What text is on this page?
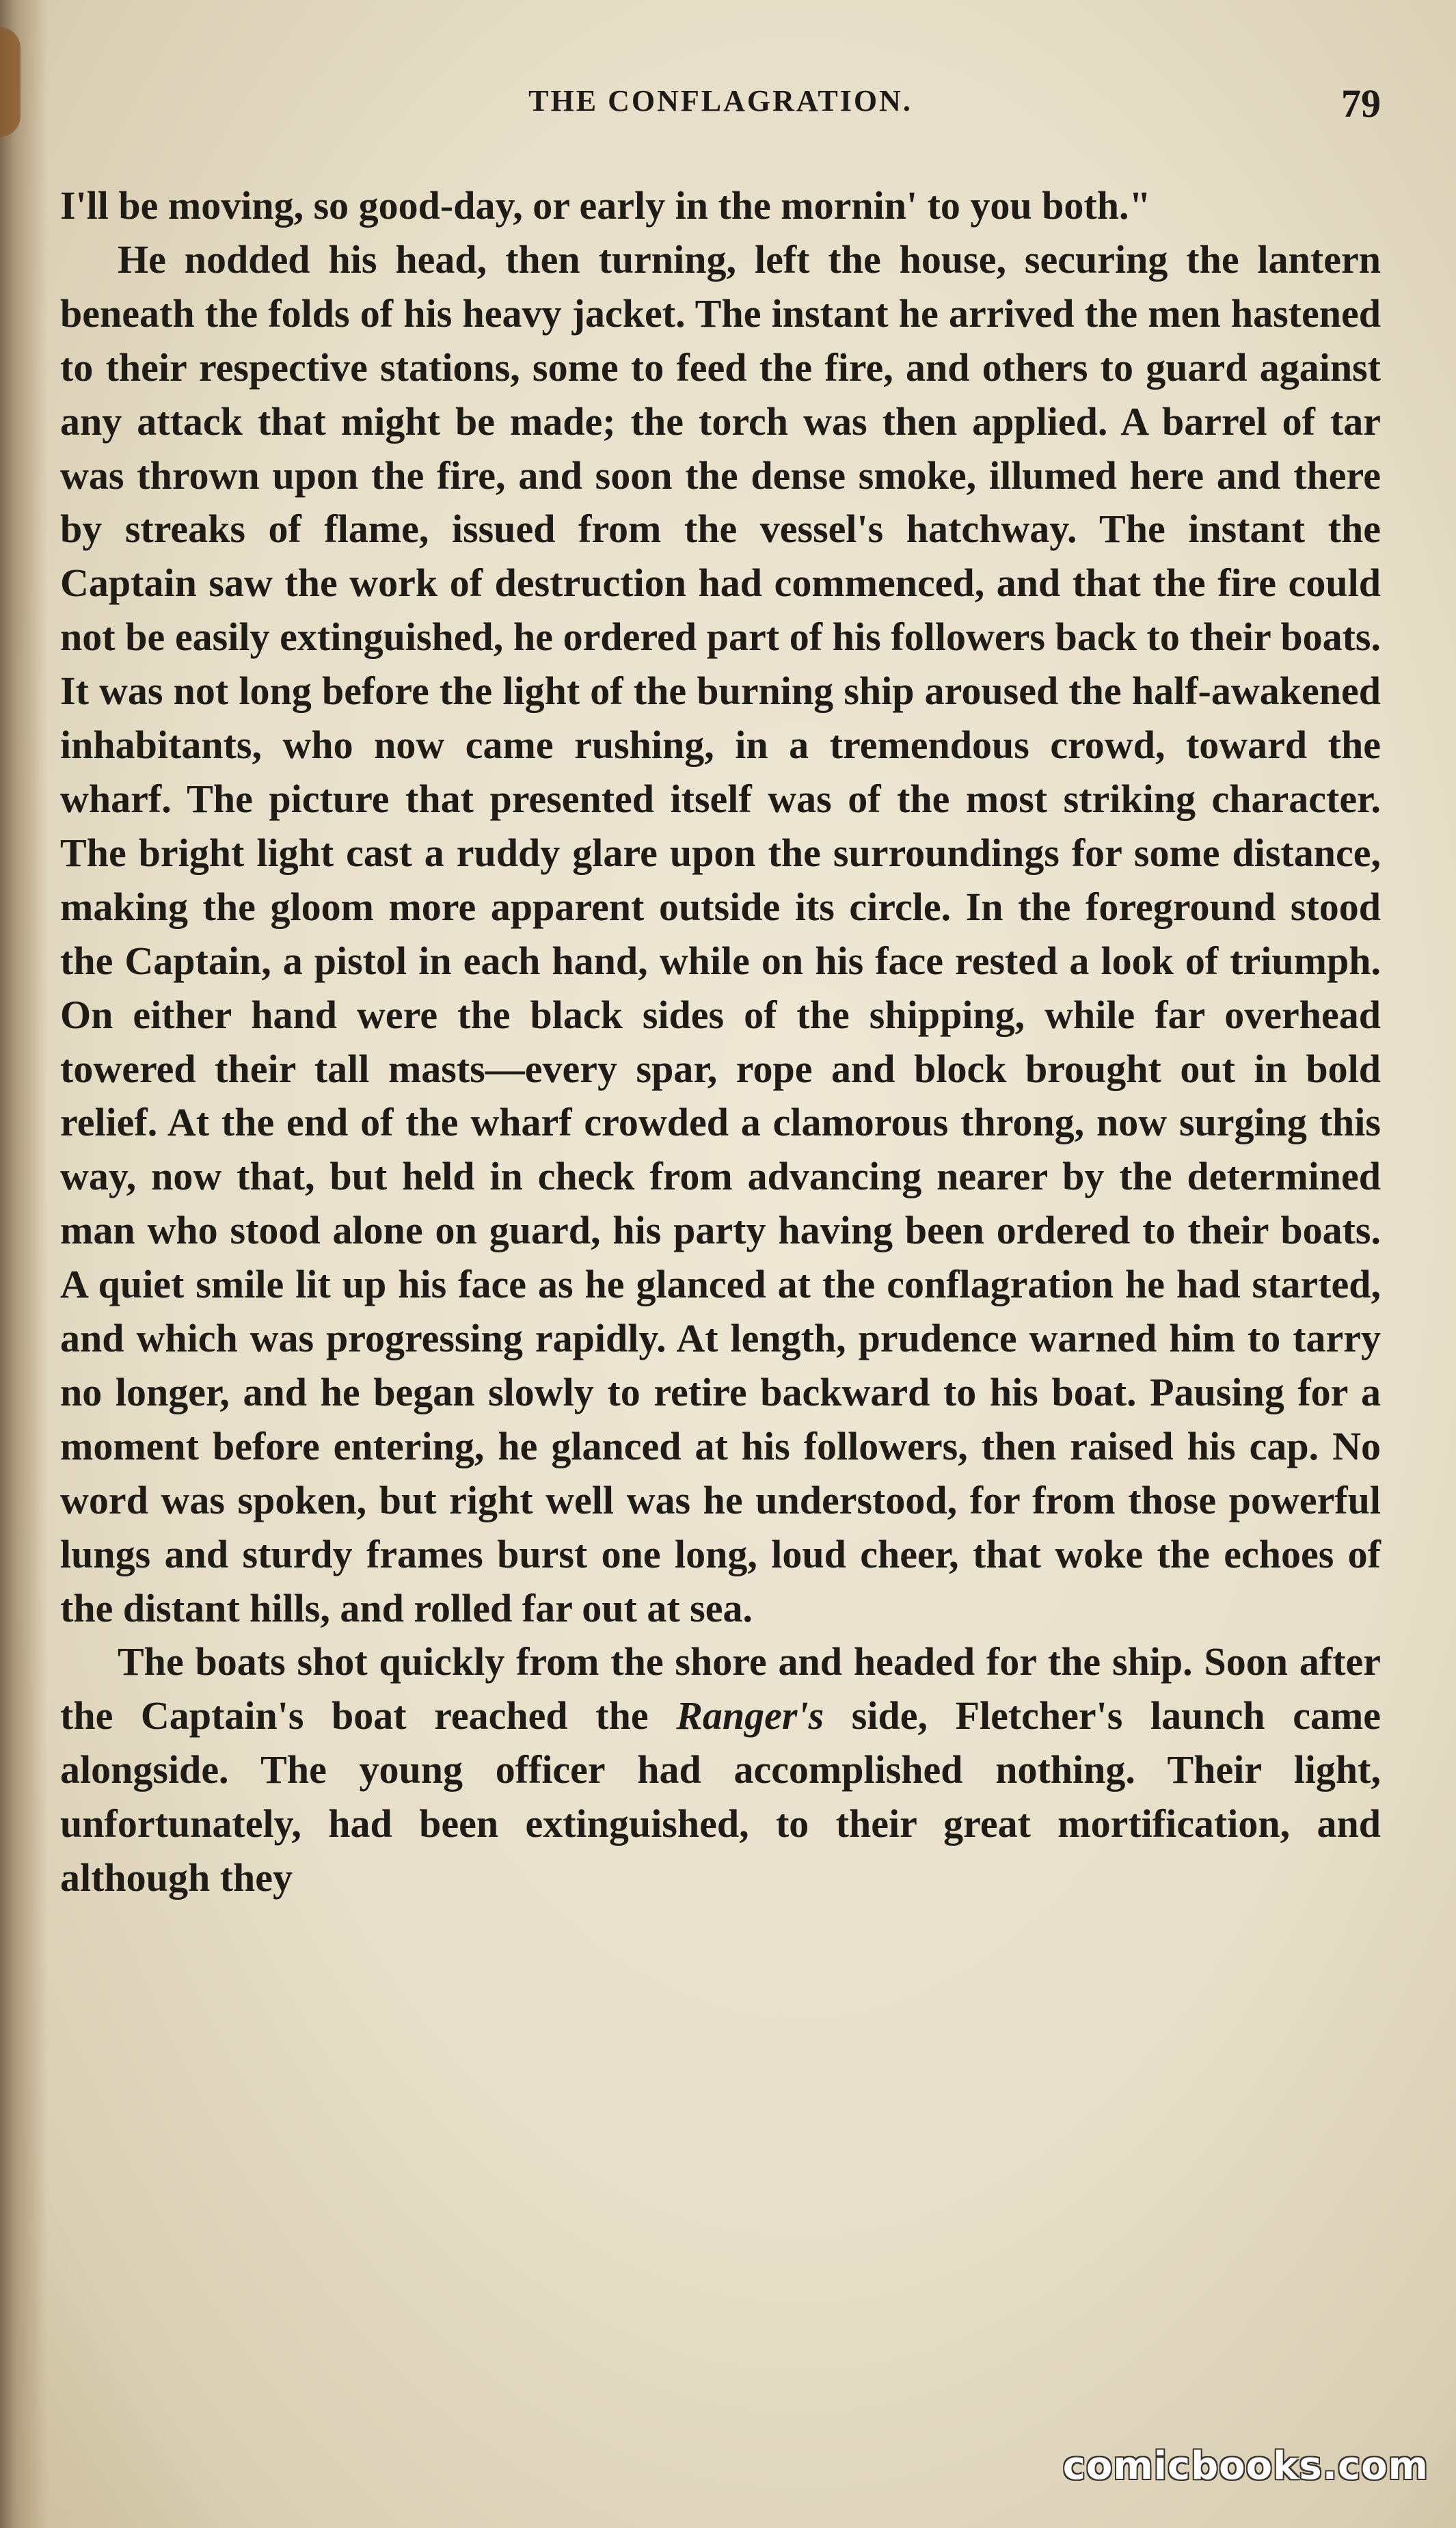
THE CONFLAGRATION.	79

I'll be moving, so good-day, or early in the mornin' to you both."

He nodded his head, then turning, left the house, securing the lantern beneath the folds of his heavy jacket. The instant he arrived the men hastened to their respective stations, some to feed the fire, and others to guard against any attack that might be made; the torch was then applied. A barrel of tar was thrown upon the fire, and soon the dense smoke, illumed here and there by streaks of flame, issued from the vessel's hatchway. The instant the Captain saw the work of destruction had commenced, and that the fire could not be easily extinguished, he ordered part of his followers back to their boats. It was not long before the light of the burning ship aroused the half-awakened inhabitants, who now came rushing, in a tremendous crowd, toward the wharf. The picture that presented itself was of the most striking character. The bright light cast a ruddy glare upon the surroundings for some distance, making the gloom more apparent outside its circle. In the foreground stood the Captain, a pistol in each hand, while on his face rested a look of triumph. On either hand were the black sides of the shipping, while far overhead towered their tall masts—every spar, rope and block brought out in bold relief. At the end of the wharf crowded a clamorous throng, now surging this way, now that, but held in check from advancing nearer by the determined man who stood alone on guard, his party having been ordered to their boats. A quiet smile lit up his face as he glanced at the conflagration he had started, and which was progressing rapidly. At length, prudence warned him to tarry no longer, and he began slowly to retire backward to his boat. Pausing for a moment before entering, he glanced at his followers, then raised his cap. No word was spoken, but right well was he understood, for from those powerful lungs and sturdy frames burst one long, loud cheer, that woke the echoes of the distant hills, and rolled far out at sea.

The boats shot quickly from the shore and headed for the ship. Soon after the Captain's boat reached the Ranger's side, Fletcher's launch came alongside. The young officer had accomplished nothing. Their light, unfortunately, had been extinguished, to their great mortification, and although they

comicbooks.com
